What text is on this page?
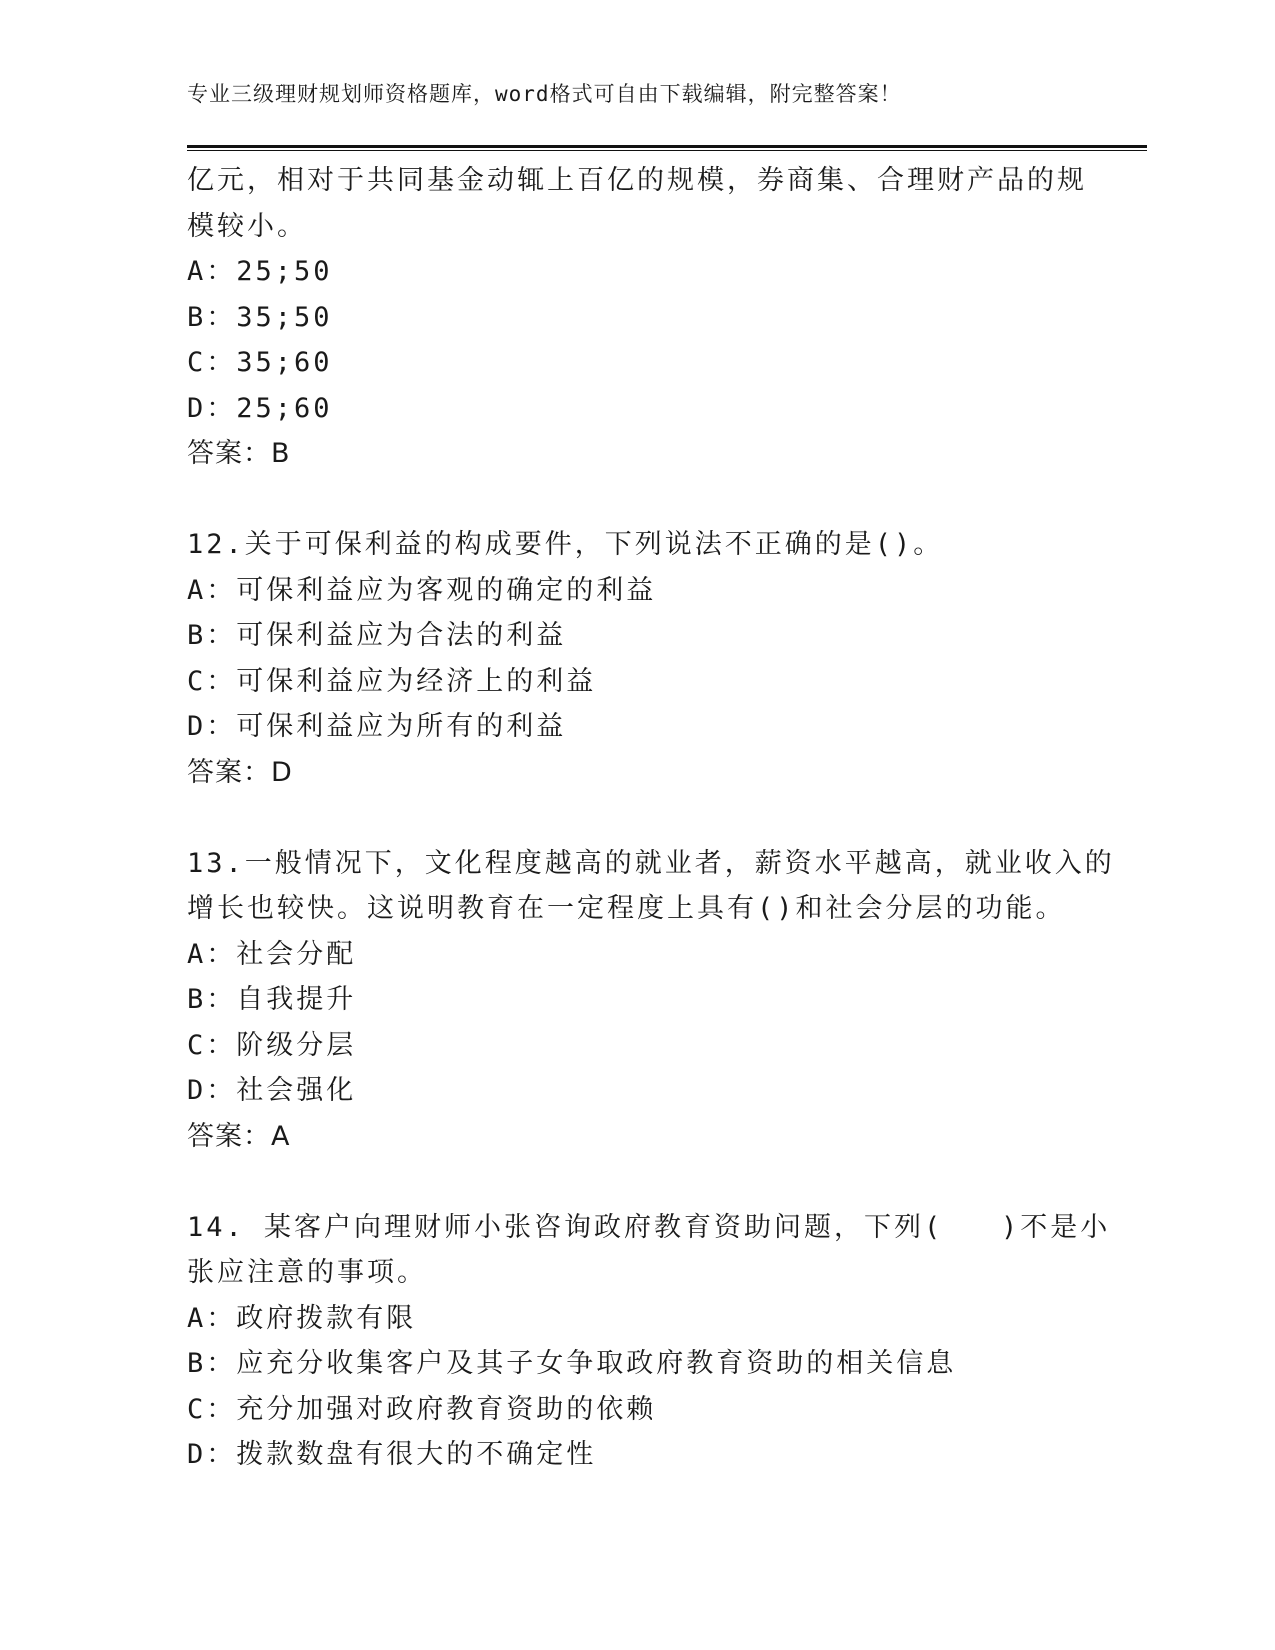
专业三级理财规划师资格题库，word格式可自由下载编辑，附完整答案！
亿元，相对于共同基金动辄上百亿的规模，券商集、合理财产品的规
模较小。
A：25;50
B：35;50
C：35;60
D：25;60
答案：B
12.关于可保利益的构成要件，下列说法不正确的是()。
A：可保利益应为客观的确定的利益
B：可保利益应为合法的利益
C：可保利益应为经济上的利益
D：可保利益应为所有的利益
答案：D
13.一般情况下，文化程度越高的就业者，薪资水平越高，就业收入的
增长也较快。这说明教育在一定程度上具有()和社会分层的功能。
A：社会分配
B：自我提升
C：阶级分层
D：社会强化
答案：A
14. 某客户向理财师小张咨询政府教育资助问题，下列(   )不是小
张应注意的事项。
A：政府拨款有限
B：应充分收集客户及其子女争取政府教育资助的相关信息
C：充分加强对政府教育资助的依赖
D：拨款数盘有很大的不确定性
